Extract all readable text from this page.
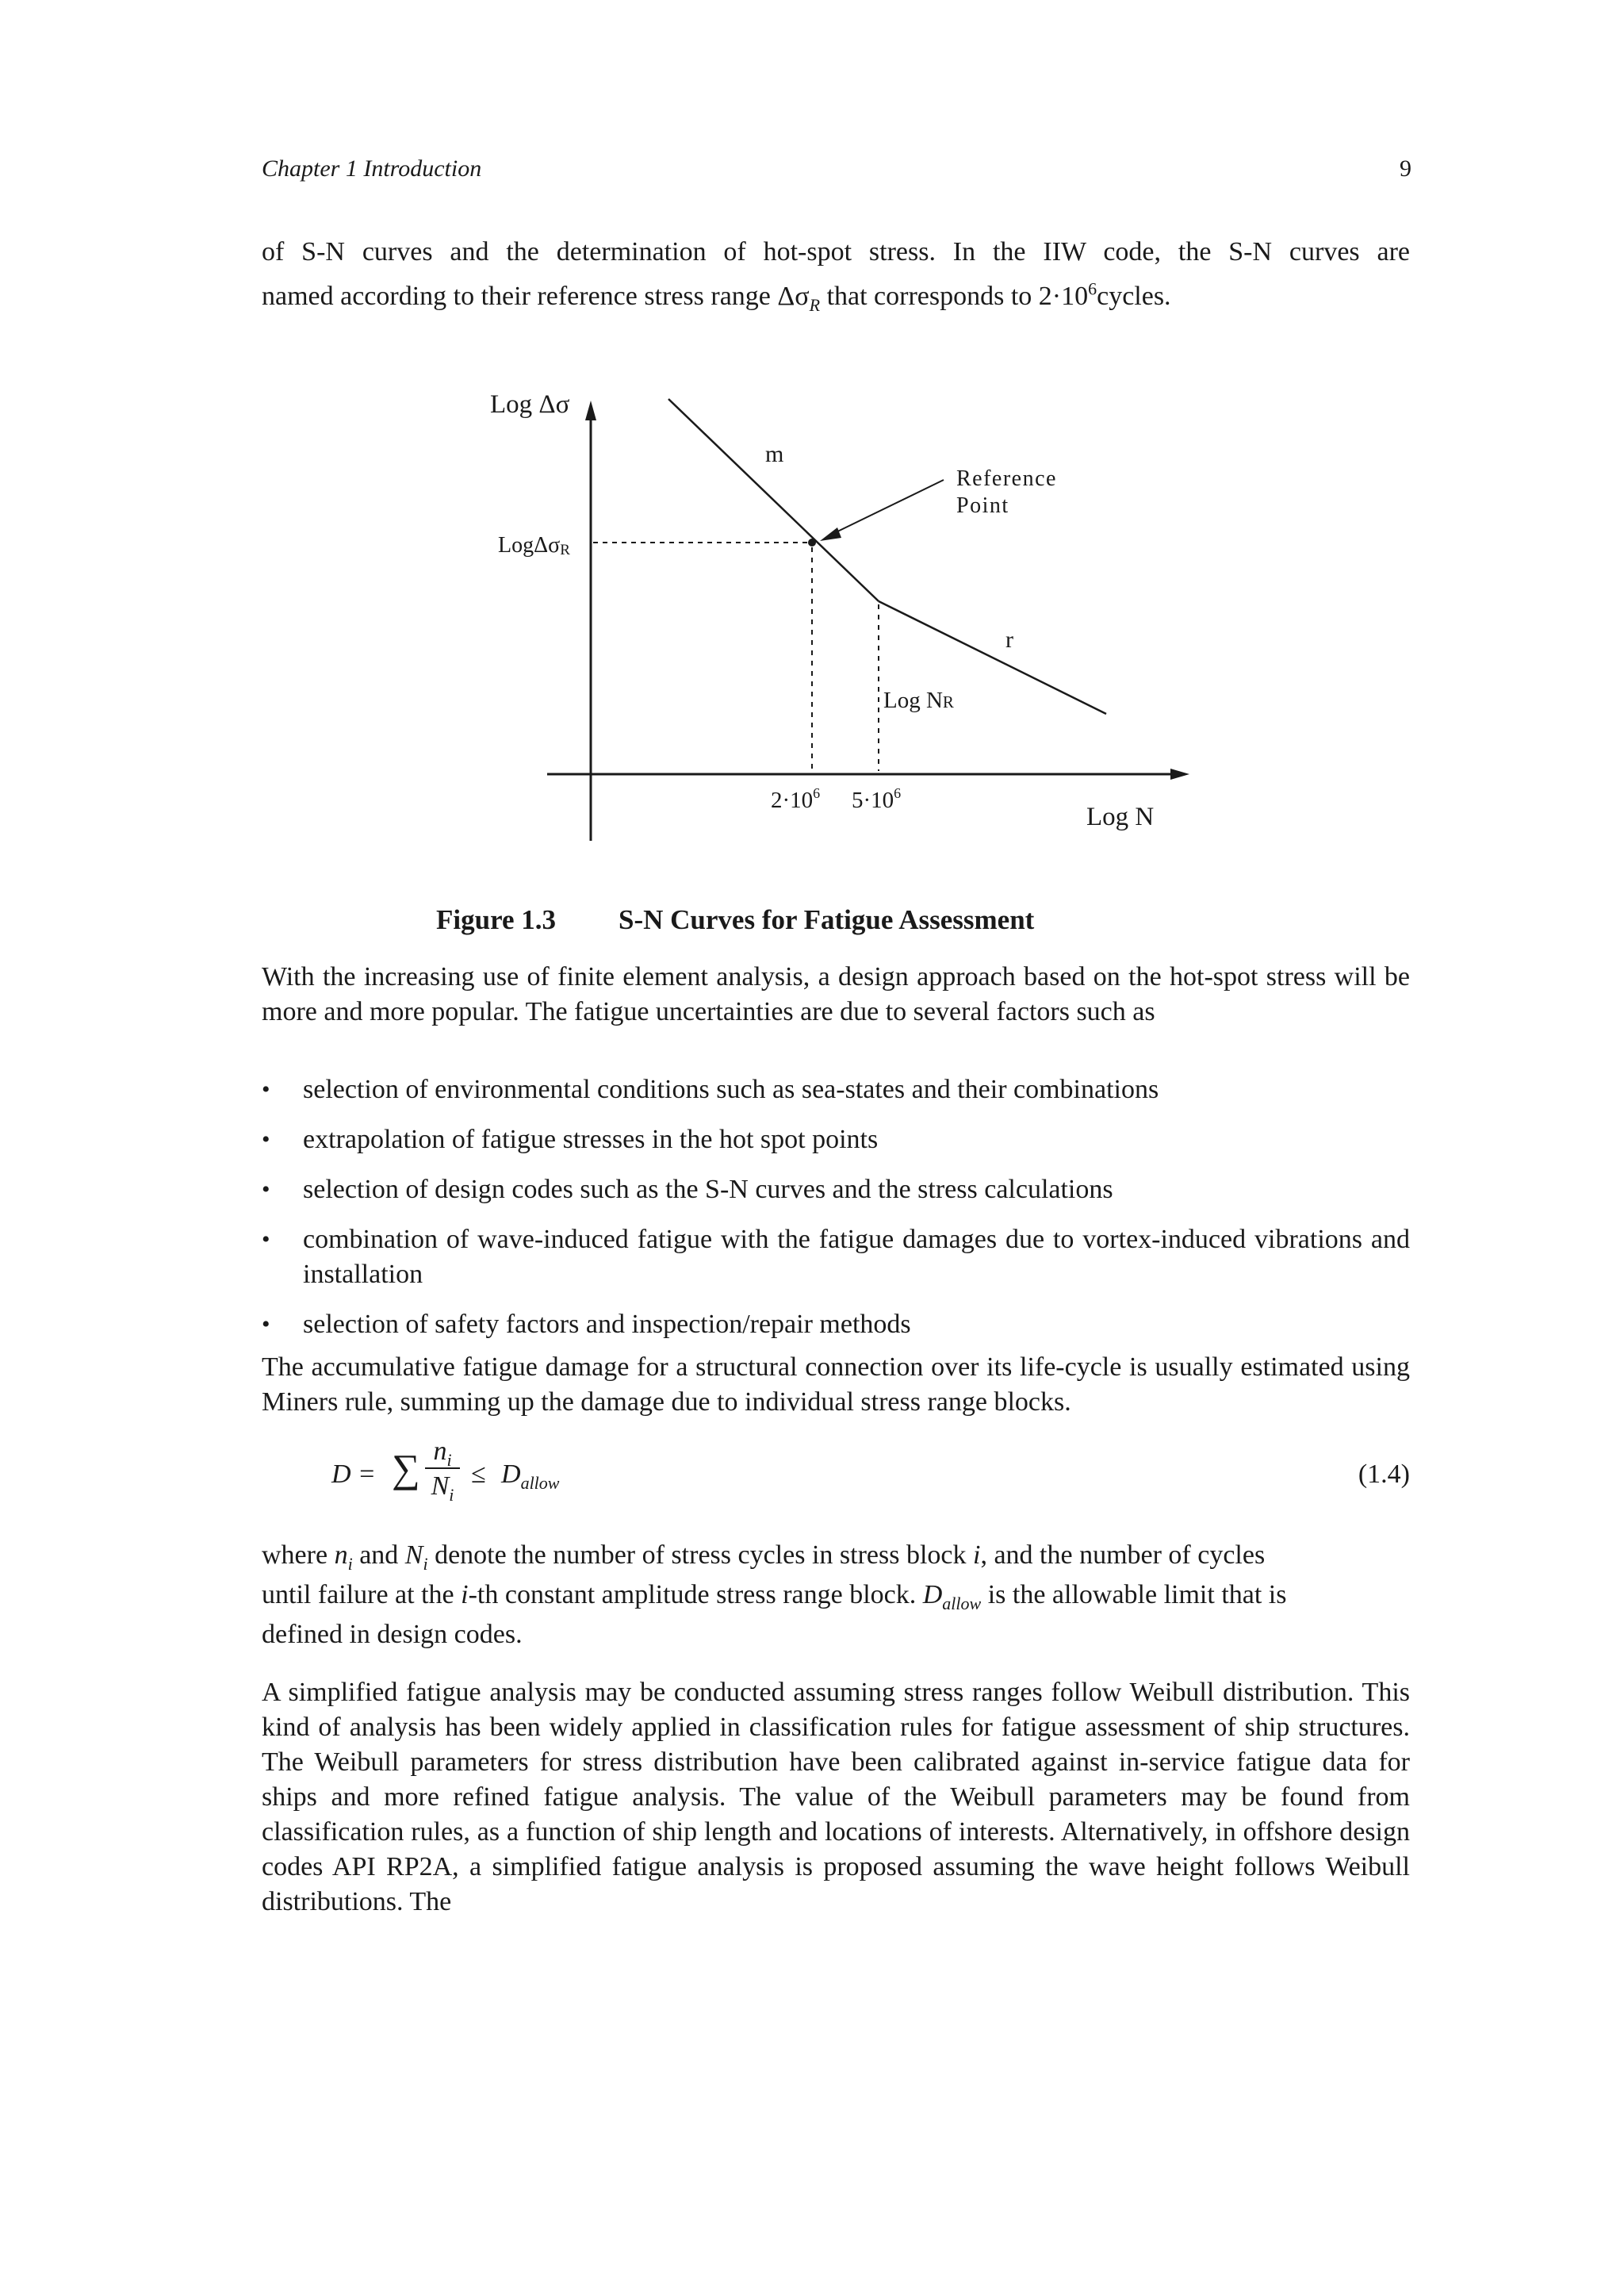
Chapter 1 Introduction	9

of S-N curves and the determination of hot-spot stress. In the IIW code, the S-N curves are

named according to their reference stress range $\Delta\sigma_R$ that corresponds to $2\cdot 10^6cycles$.

Log Δσ
LogΔσR
m
r
Reference
Point
Log NR
$2\cdot 10^6$ $5\cdot 10^6$
Log N
Figure 1.3 S-N Curves for Fatigue Assessment

With the increasing use of finite element analysis, a design approach based on the hot-spot stress will be more and more popular. The fatigue uncertainties are due to several factors such as

• selection of environmental conditions such as sea-states and their combinations
• extrapolation of fatigue stresses in the hot spot points
• selection of design codes such as the S-N curves and the stress calculations
• combination of wave-induced fatigue with the fatigue damages due to vortex-induced vibrations and installation
• selection of safety factors and inspection/repair methods

The accumulative fatigue damage for a structural connection over its life-cycle is usually estimated using Miners rule, summing up the damage due to individual stress range blocks.

D = ∑ $\frac{n_i}{N_i} \le D_{allow}$	(1.4)

where $n_i$ and $N_i$ denote the number of stress cycles in stress block i, and the number of cycles
until failure at the i-th constant amplitude stress range block. $D_{allow}$ is the allowable limit that is
defined in design codes.

A simplified fatigue analysis may be conducted assuming stress ranges follow Weibull distribution. This kind of analysis has been widely applied in classification rules for fatigue assessment of ship structures. The Weibull parameters for stress distribution have been calibrated against in-service fatigue data for ships and more refined fatigue analysis. The value of the Weibull parameters may be found from classification rules, as a function of ship length and locations of interests. Alternatively, in offshore design codes API RP2A, a simplified fatigue analysis is proposed assuming the wave height follows Weibull distributions. The
